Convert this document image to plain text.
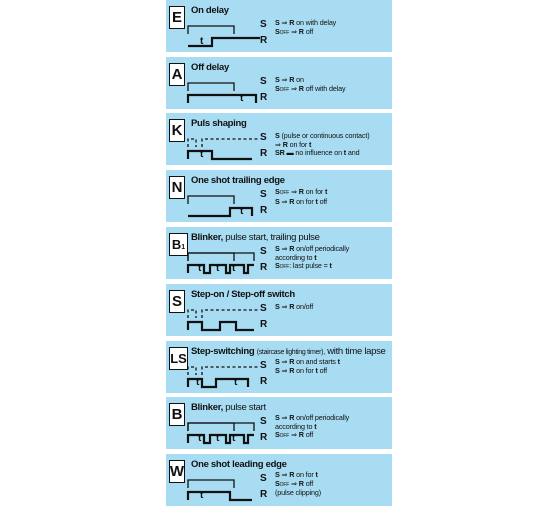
E On delay
t
S
R
S ⇒ R on with delay
SOFF ⇒ R off
A Off delay
t
S
R
S ⇒ R on
SOFF ⇒ R off with delay
K Puls shaping
t
S
R
S (pulse or continuous contact)
⇒ R on for t
SR ▬ no influence on t and
N One shot trailing edge
t
S
R
SOFF ⇒ R on for t
S ⇒ R on for t off
B 1
Blinker, pulse start, trailing pulse
t t t
S
R
S ⇒ R on/off periodically
according to t
SOFF: last pulse = t
S Step-on / Step-off switch
S
R
S ⇒ R on/off
LS Step-switching (staircase lighting timer), with time lapse
t	t
S
R
S ⇒ R on and starts t
S ⇒ R on for t off
B Blinker, pulse start
t t t
S
R
S ⇒ R on/off periodically
according to t
SOFF ⇒ R off
W One shot leading edge
t
S
R
S ⇒ R on for t
SOFF ⇒ R off
(pulse clipping)
